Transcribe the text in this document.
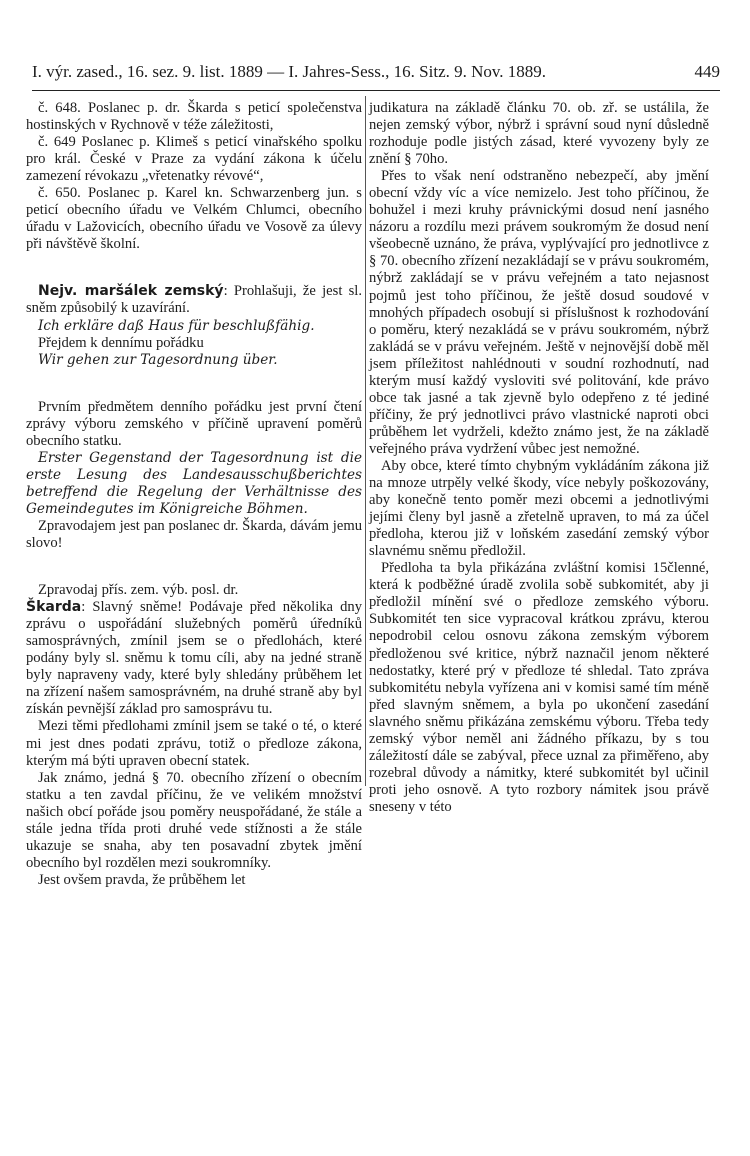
I. výr. zased., 16. sez. 9. list. 1889 — I. Jahres-Sess., 16. Sitz. 9. Nov. 1889.	449

č. 648. Poslanec p. dr. Škarda s peticí společenstva hostinských v Rychnově v téže záležitosti,

č. 649 Poslanec p. Klimeš s peticí vinařského spolku pro král. České v Praze za vydání zákona k účelu zamezení révokazu „vřetenatky révové“,

č. 650. Poslanec p. Karel kn. Schwarzenberg jun. s peticí obecního úřadu ve Velkém Chlumci, obecního úřadu v Lažovicích, obecního úřadu ve Vosově za úlevy při návštěvě školní.

Nejv. maršálek zemský: Prohlašuji, že jest sl. sněm způsobilý k uzavírání.

Ich erkläre daß Haus für beschlußfähig.

Přejdem k dennímu pořádku

Wir gehen zur Tagesordnung über.

Prvním předmětem denního pořádku jest první čtení zprávy výboru zemského v příčině upravení poměrů obecního statku.

Erster Gegenstand der Tagesordnung ist die erste Lesung des Landesausschußberichtes betreffend die Regelung der Verhältnisse des Gemeindegutes im Königreiche Böhmen.

Zpravodajem jest pan poslanec dr. Škarda, dávám jemu slovo!

Zpravodaj přís. zem. výb. posl. dr.

Škarda: Slavný sněme! Podávaje před několika dny zprávu o uspořádání služebných poměrů úředníků samosprávných, zmínil jsem se o předlohách, které podány byly sl. sněmu k tomu cíli, aby na jedné straně byly napraveny vady, které byly shledány průběhem let na zřízení našem samosprávném, na druhé straně aby byl získán pevnější základ pro samosprávu tu.

Mezi těmi předlohami zmínil jsem se také o té, o které mi jest dnes podati zprávu, totiž o předloze zákona, kterým má býti upraven obecní statek.

Jak známo, jedná § 70. obecního zřízení o obecním statku a ten zavdal příčinu, že ve velikém množství našich obcí pořáde jsou poměry neuspořádané, že stále a stále jedna třída proti druhé vede stížnosti a že stále ukazuje se snaha, aby ten posavadní zbytek jmění obecního byl rozdělen mezi soukromníky.

Jest ovšem pravda, že průběhem let

judikatura na základě článku 70. ob. zř. se ustálila, že nejen zemský výbor, nýbrž i správní soud nyní důsledně rozhoduje podle jistých zásad, které vyvozeny byly ze znění § 70ho.

Přes to však není odstraněno nebezpečí, aby jmění obecní vždy víc a více nemizelo. Jest toho příčinou, že bohužel i mezi kruhy právnickými dosud není jasného názoru a rozdílu mezi právem soukromým že dosud není všeobecně uznáno, že práva, vyplývající pro jednotlivce z § 70. obecního zřízení nezakládají se v právu soukromém, nýbrž zakládají se v právu veřejném a tato nejasnost pojmů jest toho příčinou, že ještě dosud soudové v mnohých případech osobují si příslušnost k rozhodování o poměru, který nezakládá se v právu soukromém, nýbrž zakládá se v právu veřejném. Ještě v nejnovější době měl jsem příležitost nahlédnouti v soudní rozhodnutí, nad kterým musí každý vysloviti své politování, kde právo obce tak jasné a tak zjevně bylo odepřeno z té jediné příčiny, že prý jednotlivci právo vlastnické naproti obci průběhem let vydrželi, kdežto známo jest, že na základě veřejného práva vydržení vůbec jest nemožné.

Aby obce, které tímto chybným vykládáním zákona již na mnoze utrpěly velké škody, více nebyly poškozovány, aby konečně tento poměr mezi obcemi a jednotlivými jejími členy byl jasně a zřetelně upraven, to má za účel předloha, kterou již v loňském zasedání zemský výbor slavnému sněmu předložil.

Předloha ta byla přikázána zvláštní komisi 15členné, která k podběžné úradě zvolila sobě subkomitét, aby ji předložil mínění své o předloze zemského výboru. Subkomitét ten sice vypracoval krátkou zprávu, kterou nepodrobil celou osnovu zákona zemským výborem předloženou své kritice, nýbrž naznačil jenom některé nedostatky, které prý v předloze té shledal. Tato zpráva subkomitétu nebyla vyřízena ani v komisi samé tím méně před slavným sněmem, a byla po ukončení zasedání slavného sněmu přikázána zemskému výboru. Třeba tedy zemský výbor neměl ani žádného příkazu, by s tou záležitostí dále se zabýval, přece uznal za přiměřeno, aby rozebral důvody a námitky, které subkomitét byl učinil proti jeho osnově. A tyto rozbory námitek jsou právě sneseny v této
